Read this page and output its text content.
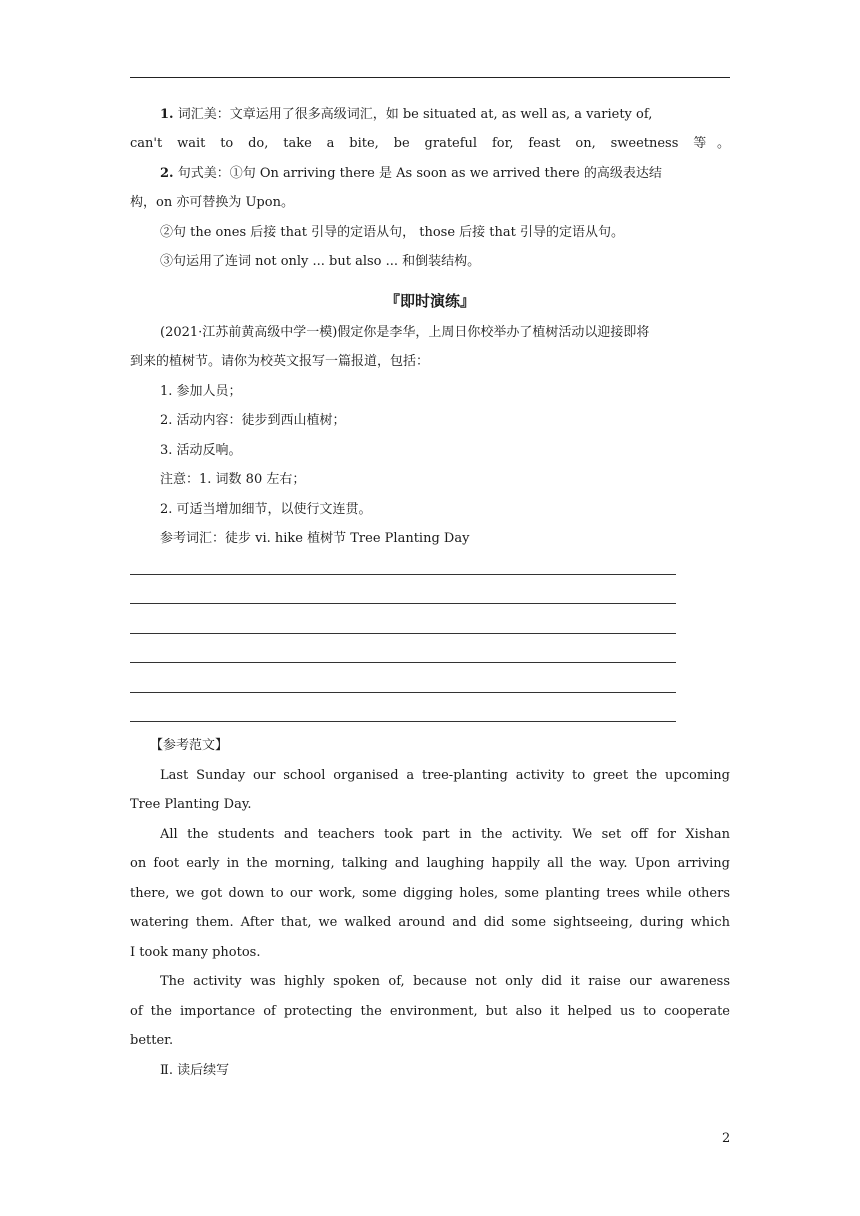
1. 词汇美：文章运用了很多高级词汇，如 be situated at, as well as, a variety of,
can't wait to do, take a bite, be grateful for, feast on, sweetness 等。
2. 句式美：①句 On arriving there 是 As soon as we arrived there 的高级表达结
构，on 亦可替换为 Upon。
②句 the ones 后接 that 引导的定语从句， those 后接 that 引导的定语从句。
③句运用了连词 not only ... but also ... 和倒装结构。
『即时演练』
(2021·江苏前黄高级中学一模)假定你是李华，上周日你校举办了植树活动以迎接即将
到来的植树节。请你为校英文报写一篇报道，包括：
1. 参加人员；
2. 活动内容：徒步到西山植树；
3. 活动反响。
注意：1. 词数 80 左右；
2. 可适当增加细节，以使行文连贯。
参考词汇：徒步 vi. hike 植树节 Tree Planting Day
【参考范文】
Last Sunday our school organised a tree-planting activity to greet the upcoming
Tree Planting Day.
All the students and teachers took part in the activity. We set off for Xishan
on foot early in the morning, talking and laughing happily all the way. Upon arriving
there, we got down to our work, some digging holes, some planting trees while others
watering them. After that, we walked around and did some sightseeing, during which
I took many photos.
The activity was highly spoken of, because not only did it raise our awareness
of the importance of protecting the environment, but also it helped us to cooperate
better.
Ⅱ. 读后续写
2
